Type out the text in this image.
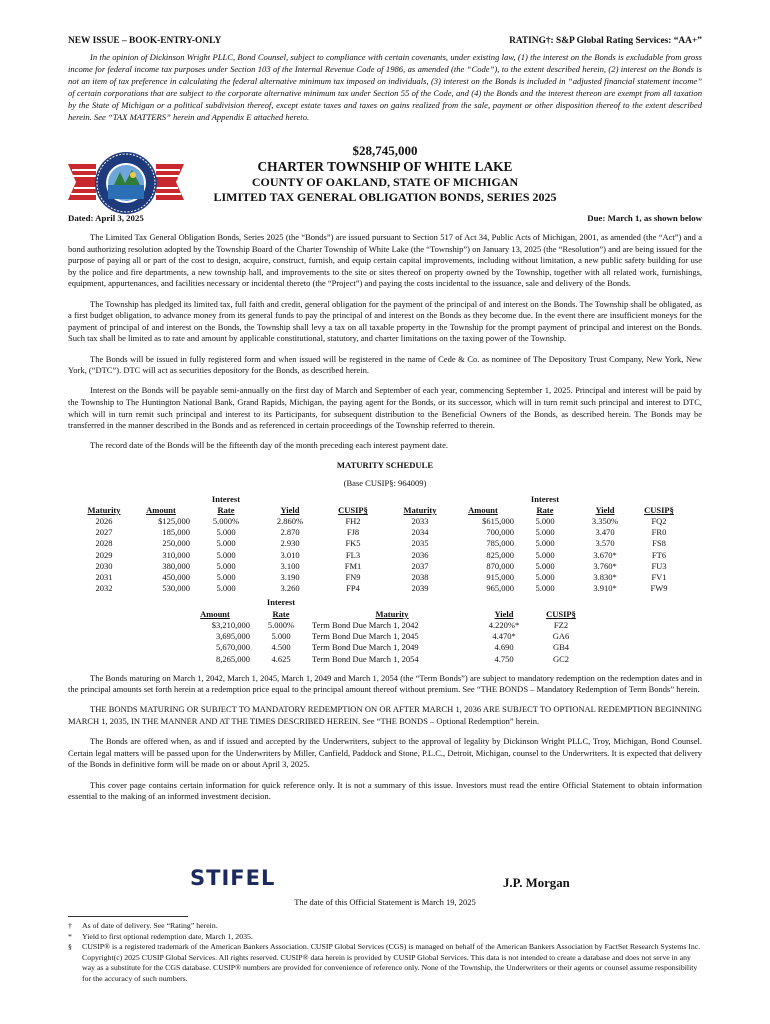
NEW ISSUE – BOOK-ENTRY-ONLY	RATING†: S&P Global Rating Services: “AA+”
In the opinion of Dickinson Wright PLLC, Bond Counsel, subject to compliance with certain covenants, under existing law, (1) the interest on the Bonds is excludable from gross income for federal income tax purposes under Section 103 of the Internal Revenue Code of 1986, as amended (the “Code”), to the extent described herein, (2) interest on the Bonds is not an item of tax preference in calculating the federal alternative minimum tax imposed on individuals, (3) interest on the Bonds is included in “adjusted financial statement income” of certain corporations that are subject to the corporate alternative minimum tax under Section 55 of the Code, and (4) the Bonds and the interest thereon are exempt from all taxation by the State of Michigan or a political subdivision thereof, except estate taxes and taxes on gains realized from the sale, payment or other disposition thereof to the extent described herein. See “TAX MATTERS” herein and Appendix E attached hereto.
$28,745,000
CHARTER TOWNSHIP OF WHITE LAKE
COUNTY OF OAKLAND, STATE OF MICHIGAN
LIMITED TAX GENERAL OBLIGATION BONDS, SERIES 2025
Dated: April 3, 2025	Due: March 1, as shown below

The Limited Tax General Obligation Bonds, Series 2025 (the “Bonds”) are issued pursuant to Section 517 of Act 34, Public Acts of Michigan, 2001, as amended (the “Act”) and a bond authorizing resolution adopted by the Township Board of the Charter Township of White Lake (the “Township”) on January 13, 2025 (the “Resolution”) and are being issued for the purpose of paying all or part of the cost to design, acquire, construct, furnish, and equip certain capital improvements, including without limitation, a new public safety building for use by the police and fire departments, a new township hall, and improvements to the site or sites thereof on property owned by the Township, together with all related work, furnishings, equipment, appurtenances, and facilities necessary or incidental thereto (the “Project”) and paying the costs incidental to the issuance, sale and delivery of the Bonds.

The Township has pledged its limited tax, full faith and credit, general obligation for the payment of the principal of and interest on the Bonds. The Township shall be obligated, as a first budget obligation, to advance money from its general funds to pay the principal of and interest on the Bonds as they become due. In the event there are insufficient moneys for the payment of principal of and interest on the Bonds, the Township shall levy a tax on all taxable property in the Township for the prompt payment of principal and interest on the Bonds. Such tax shall be limited as to rate and amount by applicable constitutional, statutory, and charter limitations on the taxing power of the Township.

The Bonds will be issued in fully registered form and when issued will be registered in the name of Cede & Co. as nominee of The Depository Trust Company, New York, New York, (“DTC”). DTC will act as securities depository for the Bonds, as described herein.

Interest on the Bonds will be payable semi-annually on the first day of March and September of each year, commencing September 1, 2025. Principal and interest will be paid by the Township to The Huntington National Bank, Grand Rapids, Michigan, the paying agent for the Bonds, or its successor, which will in turn remit such principal and interest to DTC, which will in turn remit such principal and interest to its Participants, for subsequent distribution to the Beneficial Owners of the Bonds, as described herein. The Bonds may be transferred in the manner described in the Bonds and as referenced in certain proceedings of the Township referred to therein.

The record date of the Bonds will be the fifteenth day of the month preceding each interest payment date.

MATURITY SCHEDULE
(Base CUSIP§: 964009)
		Interest					Interest		
Maturity	Amount	Rate	Yield	CUSIP§	Maturity	Amount	Rate	Yield	CUSIP§
2026	$125,000	5.000%	2.860%	FH2	2033	$615,000	5.000	3.350%	FQ2
2027	185,000	5.000	2.870	FJ8	2034	700,000	5.000	3.470	FR0
2028	250,000	5.000	2.930	FK5	2035	785,000	5.000	3.570	FS8
2029	310,000	5.000	3.010	FL3	2036	825,000	5.000	3.670*	FT6
2030	380,000	5.000	3.100	FM1	2037	870,000	5.000	3.760*	FU3
2031	450,000	5.000	3.190	FN9	2038	915,000	5.000	3.830*	FV1
2032	530,000	5.000	3.260	FP4	2039	965,000	5.000	3.910*	FW9
	Interest			
Amount	Rate	Maturity	Yield	CUSIP§
$3,210,000	5.000%	Term Bond Due March 1, 2042	4.220%*	FZ2
3,695,000	5.000	Term Bond Due March 1, 2045	4.470*	GA6
5,670,000	4.500	Term Bond Due March 1, 2049	4.690	GB4
8,265,000	4.625	Term Bond Due March 1, 2054	4.750	GC2

The Bonds maturing on March 1, 2042, March 1, 2045, March 1, 2049 and March 1, 2054 (the “Term Bonds”) are subject to mandatory redemption on the redemption dates and in the principal amounts set forth herein at a redemption price equal to the principal amount thereof without premium. See “THE BONDS – Mandatory Redemption of Term Bonds” herein.

THE BONDS MATURING OR SUBJECT TO MANDATORY REDEMPTION ON OR AFTER MARCH 1, 2036 ARE SUBJECT TO OPTIONAL REDEMPTION BEGINNING MARCH 1, 2035, IN THE MANNER AND AT THE TIMES DESCRIBED HEREIN. See “THE BONDS – Optional Redemption” herein.

The Bonds are offered when, as and if issued and accepted by the Underwriters, subject to the approval of legality by Dickinson Wright PLLC, Troy, Michigan, Bond Counsel. Certain legal matters will be passed upon for the Underwriters by Miller, Canfield, Paddock and Stone, P.L.C., Detroit, Michigan, counsel to the Underwriters. It is expected that delivery of the Bonds in definitive form will be made on or about April 3, 2025.

This cover page contains certain information for quick reference only. It is not a summary of this issue. Investors must read the entire Official Statement to obtain information essential to the making of an informed investment decision.

STIFEL	J.P. Morgan
The date of this Official Statement is March 19, 2025
† As of date of delivery. See “Rating” herein.
* Yield to first optional redemption date, March 1, 2035.
§ CUSIP® is a registered trademark of the American Bankers Association. CUSIP Global Services (CGS) is managed on behalf of the American Bankers Association by FactSet Research Systems Inc. Copyright(c) 2025 CUSIP Global Services. All rights reserved. CUSIP® data herein is provided by CUSIP Global Services. This data is not intended to create a database and does not serve in any way as a substitute for the CGS database. CUSIP® numbers are provided for convenience of reference only. None of the Township, the Underwriters or their agents or counsel assume responsibility for the accuracy of such numbers.
